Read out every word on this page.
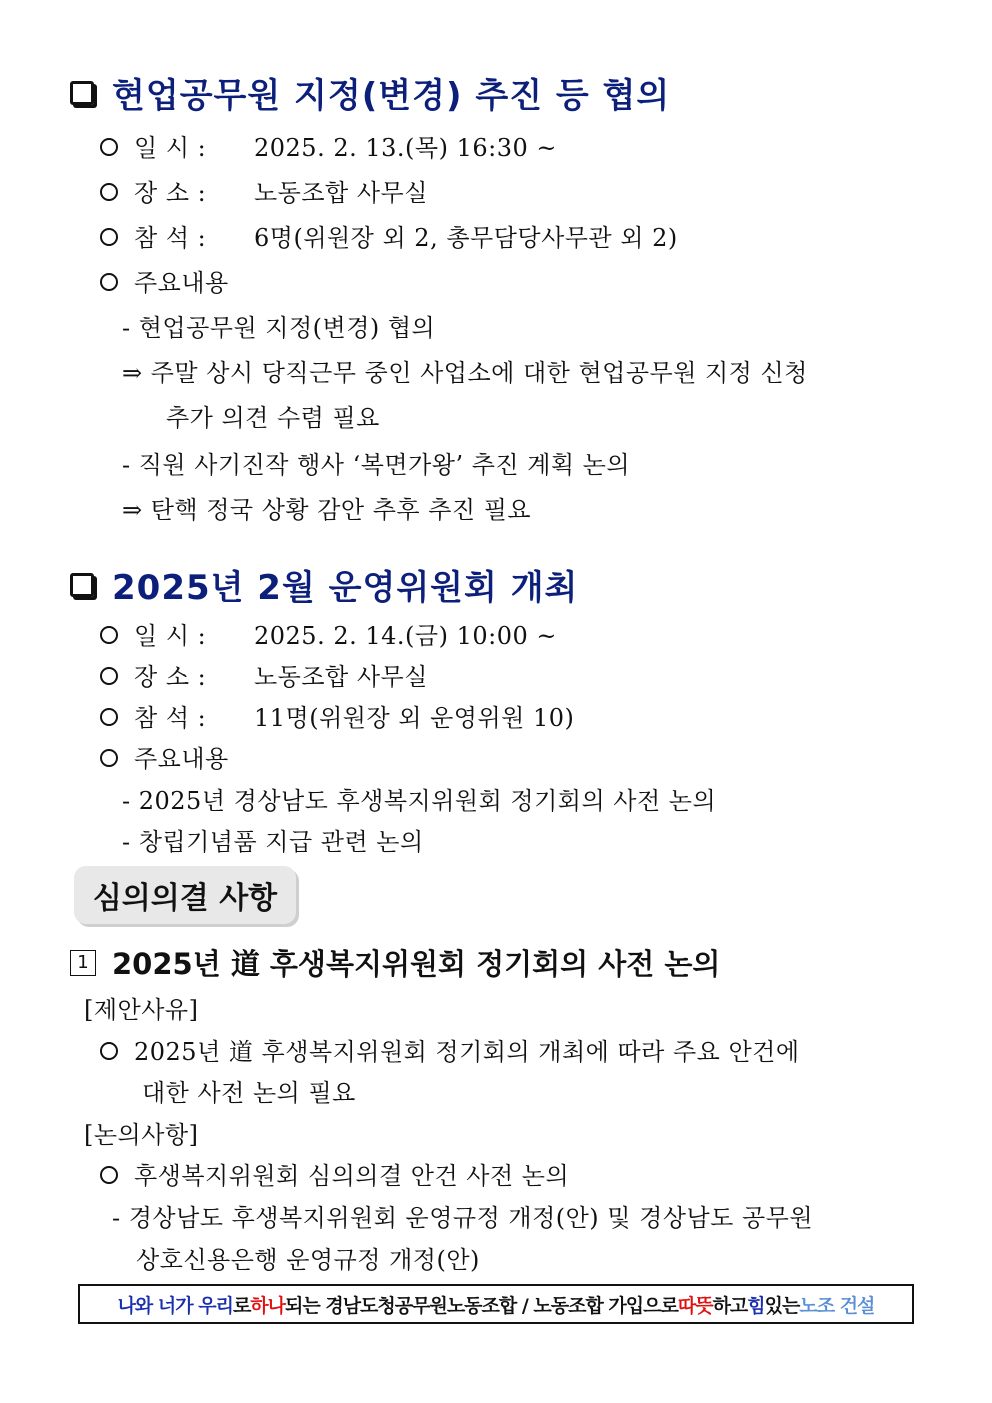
현업공무원 지정(변경) 추진 등 협의
일 시 : 2025. 2. 13.(목) 16:30 ~
장 소 : 노동조합 사무실
참 석 : 6명(위원장 외 2, 총무담당사무관 외 2)
주요내용
- 현업공무원 지정(변경) 협의
⇒ 주말 상시 당직근무 중인 사업소에 대한 현업공무원 지정 신청
추가 의견 수렴 필요
- 직원 사기진작 행사 ‘복면가왕’ 추진 계획 논의
⇒ 탄핵 정국 상황 감안 추후 추진 필요
2025년 2월 운영위원회 개최
일 시 : 2025. 2. 14.(금) 10:00 ~
장 소 : 노동조합 사무실
참 석 : 11명(위원장 외 운영위원 10)
주요내용
- 2025년 경상남도 후생복지위원회 정기회의 사전 논의
- 창립기념품 지급 관련 논의
심의의결 사항
1 2025년 道 후생복지위원회 정기회의 사전 논의
[제안사유]
2025년 道 후생복지위원회 정기회의 개최에 따라 주요 안건에
대한 사전 논의 필요
[논의사항]
후생복지위원회 심의의결 안건 사전 논의
- 경상남도 후생복지위원회 운영규정 개정(안) 및 경상남도 공무원
상호신용은행 운영규정 개정(안)
나와 너가 우리 로 하나 되는 경남도청공무원노동조합 / 노동조합 가입으로 따뜻 하고 힘 있는 노조 건설
